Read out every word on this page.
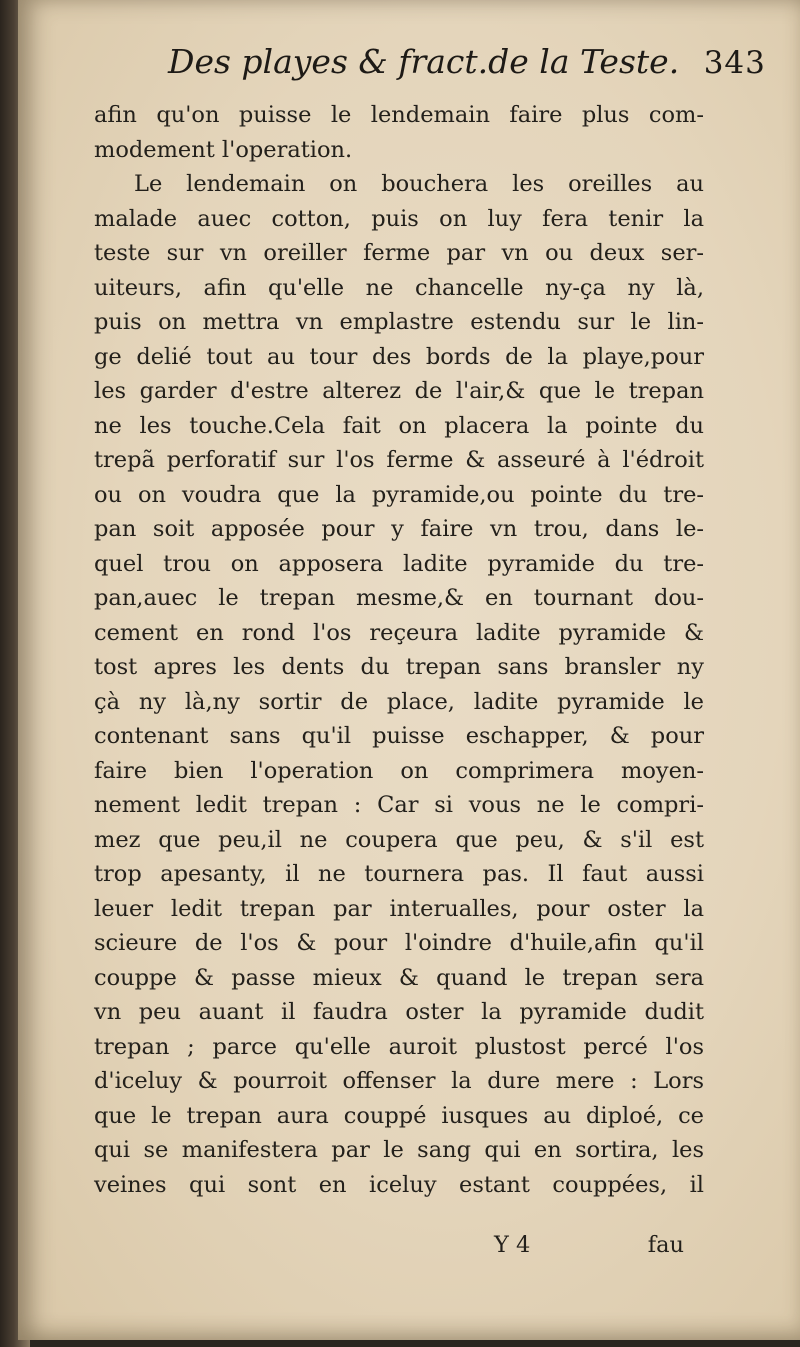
Des playes & fract.de la Teste. 343
afin qu'on puisse le lendemain faire plus com-
modement l'operation.
Le lendemain on bouchera les oreilles au
malade auec cotton, puis on luy fera tenir la
teste sur vn oreiller ferme par vn ou deux ser-
uiteurs, afin qu'elle ne chancelle ny-ça ny là,
puis on mettra vn emplastre estendu sur le lin-
ge delié tout au tour des bords de la playe,pour
les garder d'estre alterez de l'air,& que le trepan
ne les touche.Cela fait on placera la pointe du
trepã perforatif sur l'os ferme & asseuré à l'édroit
ou on voudra que la pyramide,ou pointe du tre-
pan soit apposée pour y faire vn trou, dans le-
quel trou on apposera ladite pyramide du tre-
pan,auec le trepan mesme,& en tournant dou-
cement en rond l'os reçeura ladite pyramide &
tost apres les dents du trepan sans bransler ny
çà ny là,ny sortir de place, ladite pyramide le
contenant sans qu'il puisse eschapper, & pour
faire bien l'operation on comprimera moyen-
nement ledit trepan : Car si vous ne le compri-
mez que peu,il ne coupera que peu, & s'il est
trop apesanty, il ne tournera pas. Il faut aussi
leuer ledit trepan par interualles, pour oster la
scieure de l'os & pour l'oindre d'huile,afin qu'il
couppe & passe mieux & quand le trepan sera
vn peu auant il faudra oster la pyramide dudit
trepan ; parce qu'elle auroit plustost percé l'os
d'iceluy & pourroit offenser la dure mere : Lors
que le trepan aura couppé iusques au diploé, ce
qui se manifestera par le sang qui en sortira, les
veines qui sont en iceluy estant couppées, il
Y 4	fau
